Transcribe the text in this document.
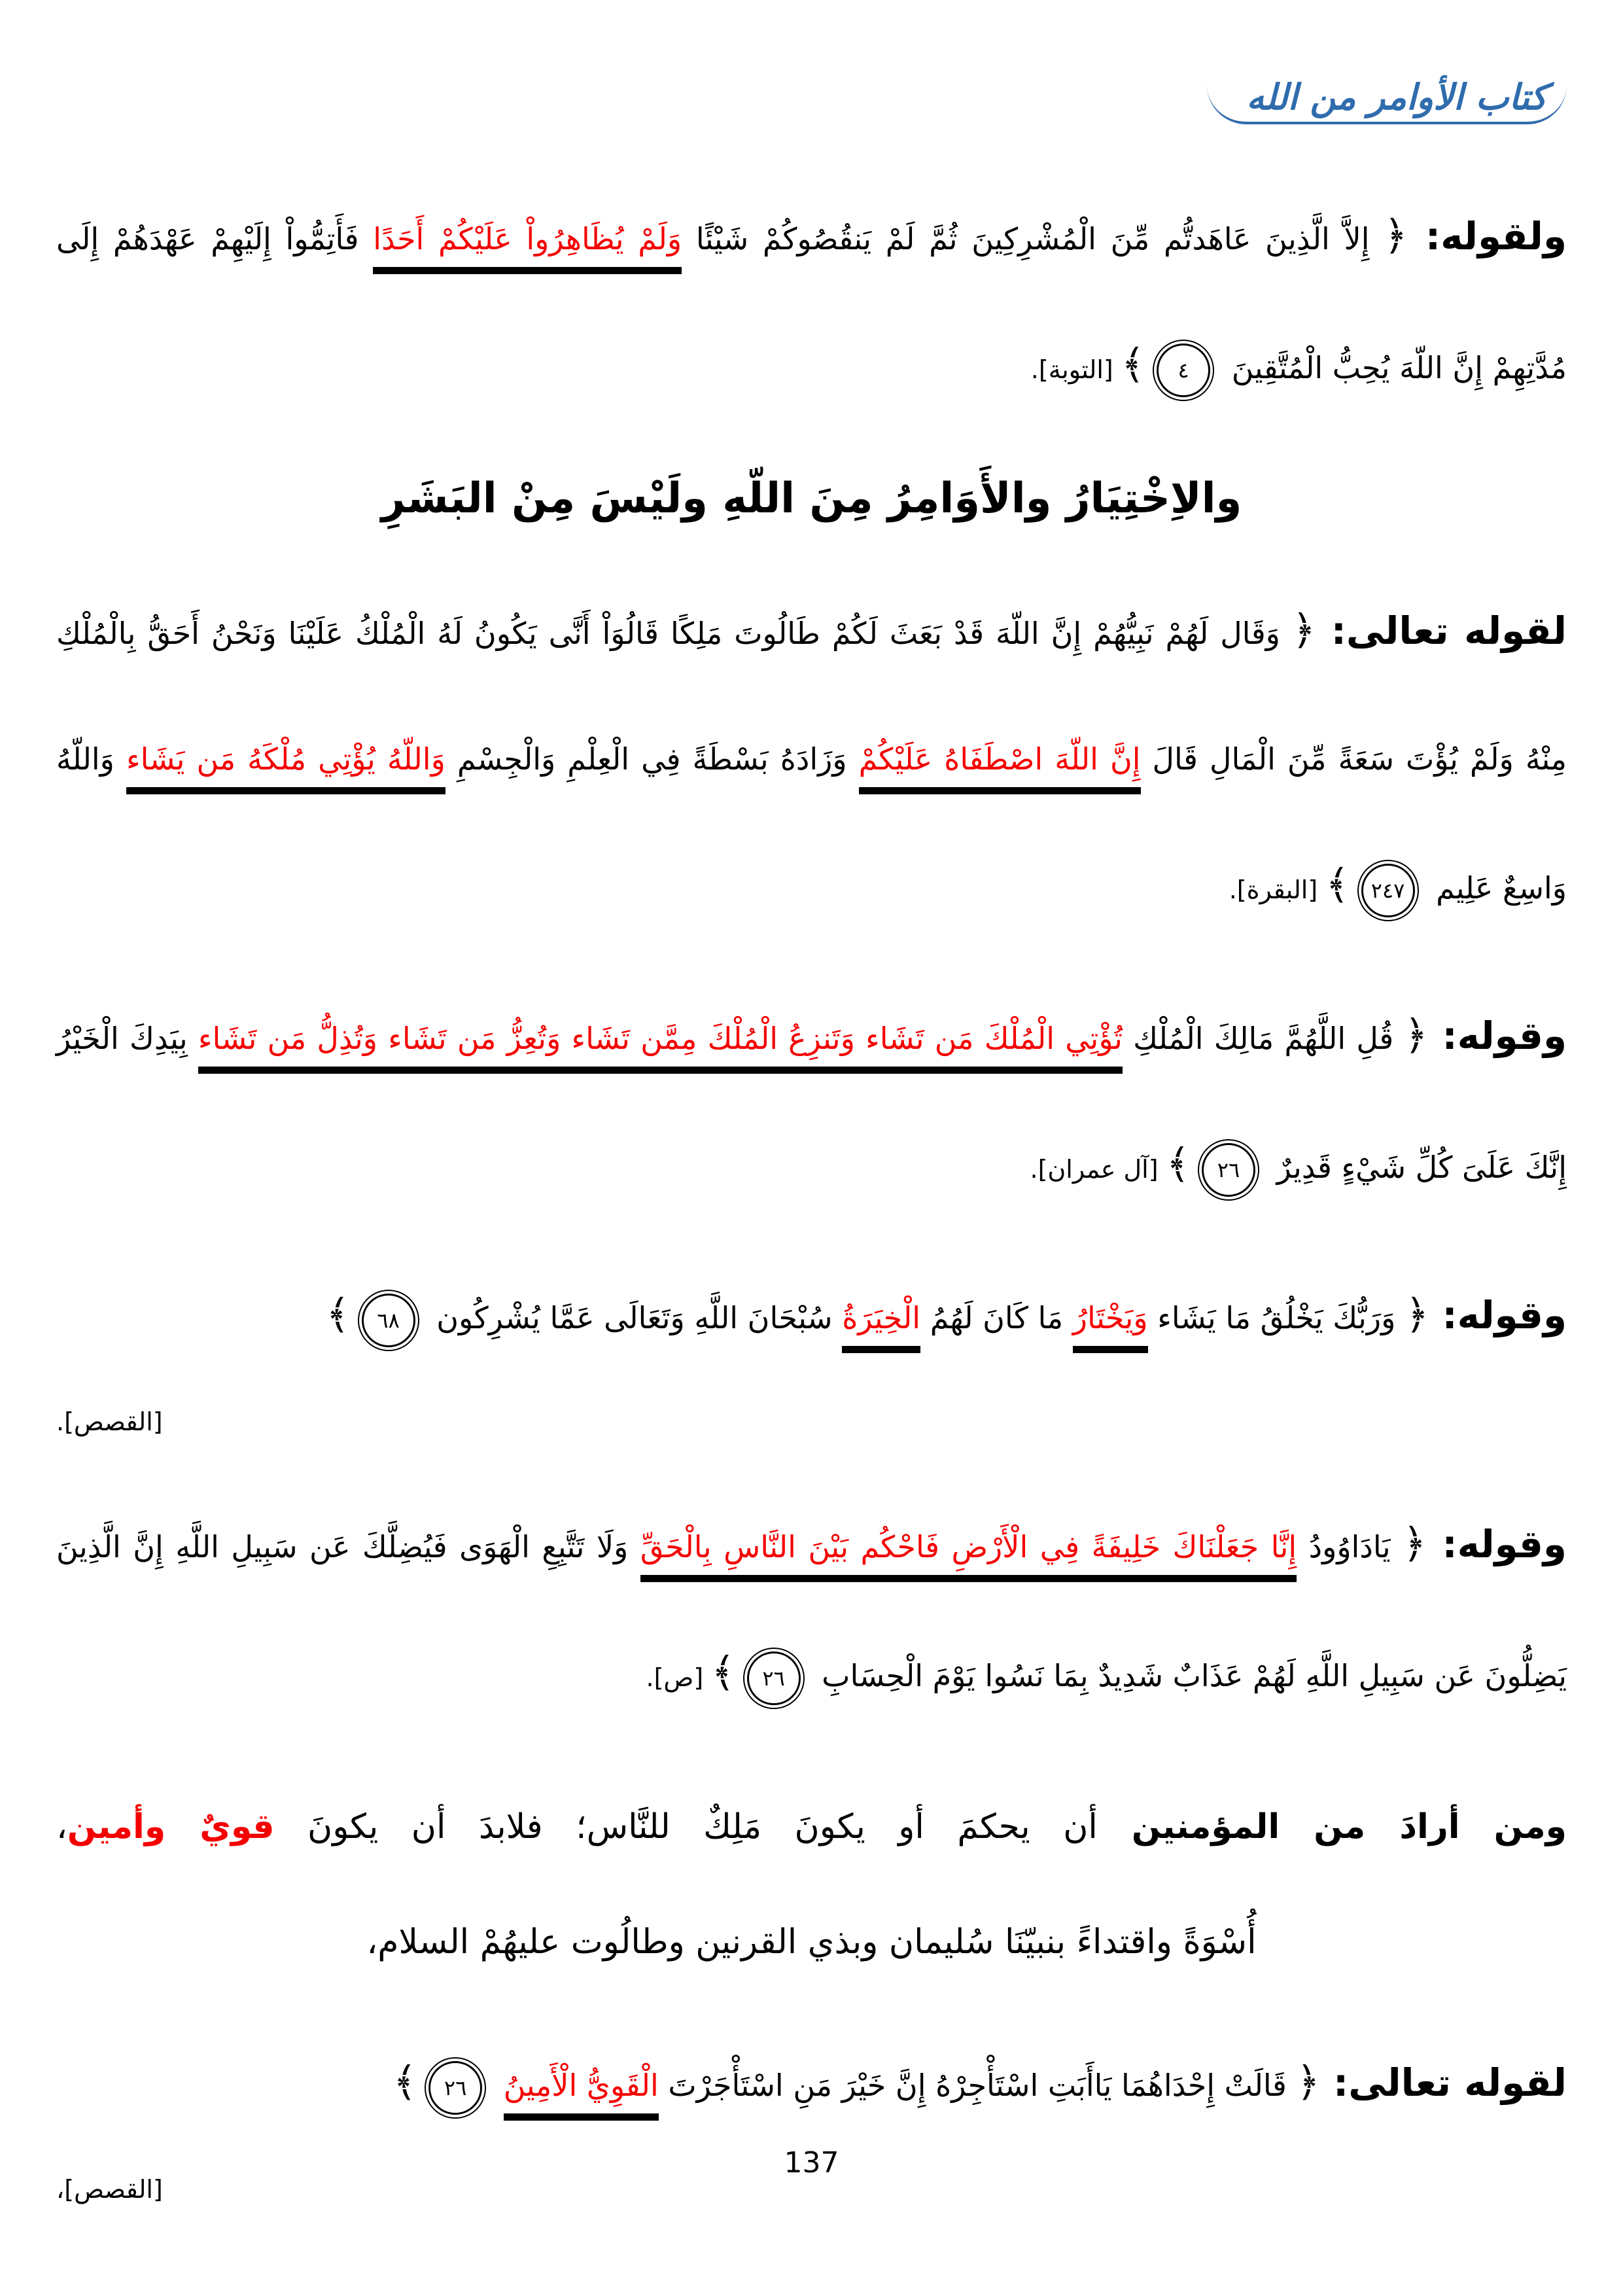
كتاب الأوامر من الله
ولقوله: ﴿ إِلاَّ الَّذِينَ عَاهَدتُّم مِّنَ الْمُشْرِكِينَ ثُمَّ لَمْ يَنقُصُوكُمْ شَيْئًا وَلَمْ يُظَاهِرُواْ عَلَيْكُمْ أَحَدًا فَأَتِمُّواْ إِلَيْهِمْ عَهْدَهُمْ إِلَى مُدَّتِهِمْ إِنَّ اللّهَ يُحِبُّ الْمُتَّقِينَ ٤﴾ [التوبة].
والاِخْتِيَارُ والأَوَامِرُ مِنَ اللّهِ ولَيْسَ مِنْ البَشَرِ
لقوله تعالى: ﴿ وَقَال لَهُمْ نَبِيُّهُمْ إِنَّ اللّهَ قَدْ بَعَثَ لَكُمْ طَالُوتَ مَلِكًا قَالُوَاْ أَنَّى يَكُونُ لَهُ الْمُلْكُ عَلَيْنَا وَنَحْنُ أَحَقُّ بِالْمُلْكِ مِنْهُ وَلَمْ يُؤْتَ سَعَةً مِّنَ الْمَالِ قَالَ إِنَّ اللّهَ اصْطَفَاهُ عَلَيْكُمْ وَزَادَهُ بَسْطَةً فِي الْعِلْمِ وَالْجِسْمِ وَاللّهُ يُؤْتِي مُلْكَهُ مَن يَشَاء وَاللّهُ وَاسِعٌ عَلِيم ٢٤٧﴾ [البقرة].
وقوله: ﴿ قُلِ اللَّهُمَّ مَالِكَ الْمُلْكِ تُؤْتِي الْمُلْكَ مَن تَشَاء وَتَنزِعُ الْمُلْكَ مِمَّن تَشَاء وَتُعِزُّ مَن تَشَاء وَتُذِلُّ مَن تَشَاء بِيَدِكَ الْخَيْرُ إِنَّكَ عَلَىَ كُلِّ شَيْءٍ قَدِيرٌ ٢٦﴾ [آل عمران].
وقوله: ﴿ وَرَبُّكَ يَخْلُقُ مَا يَشَاء وَيَخْتَارُ مَا كَانَ لَهُمُ الْخِيَرَةُ سُبْحَانَ اللَّهِ وَتَعَالَى عَمَّا يُشْرِكُون ٦٨﴾
[القصص].
وقوله: ﴿ يَادَاوُودُ إِنَّا جَعَلْنَاكَ خَلِيفَةً فِي الْأَرْضِ فَاحْكُم بَيْنَ النَّاسِ بِالْحَقِّ وَلَا تَتَّبِعِ الْهَوَى فَيُضِلَّكَ عَن سَبِيلِ اللَّهِ إِنَّ الَّذِينَ يَضِلُّونَ عَن سَبِيلِ اللَّهِ لَهُمْ عَذَابٌ شَدِيدٌ بِمَا نَسُوا يَوْمَ الْحِسَابِ ٢٦﴾ [ص].
ومن أرادَ من المؤمنين أن يحكمَ أو يكونَ مَلِكٌ للنَّاس؛ فلابدَ أن يكونَ قويٌ وأمين،
أُسْوَةً واقتداءً بنبيّنَا سُليمان وبذي القرنين وطالُوت عليهُمْ السلام،
لقوله تعالى: ﴿ قَالَتْ إِحْدَاهُمَا يَاأَبَتِ اسْتَأْجِرْهُ إِنَّ خَيْرَ مَنِ اسْتَأْجَرْتَ الْقَوِيُّ الْأَمِينُ ٢٦﴾
[القصص]،
137
